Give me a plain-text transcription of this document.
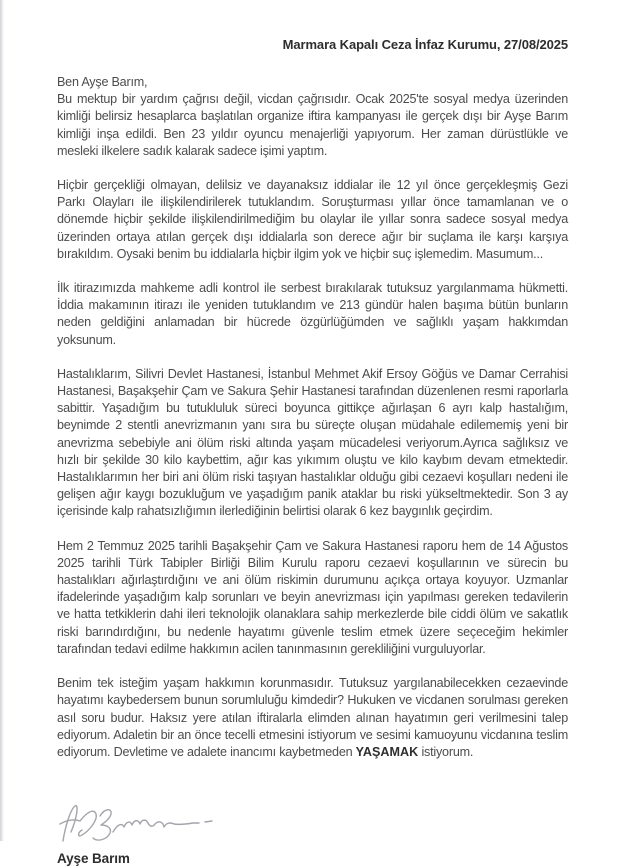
Marmara Kapalı Ceza İnfaz Kurumu, 27/08/2025

Ben Ayşe Barım,
Bu mektup bir yardım çağrısı değil, vicdan çağrısıdır. Ocak 2025'te sosyal medya üzerinden kimliği belirsiz hesaplarca başlatılan organize iftira kampanyası ile gerçek dışı bir Ayşe Barım kimliği inşa edildi. Ben 23 yıldır oyuncu menajerliği yapıyorum. Her zaman dürüstlükle ve mesleki ilkelere sadık kalarak sadece işimi yaptım.

Hiçbir gerçekliği olmayan, delilsiz ve dayanaksız iddialar ile 12 yıl önce gerçekleşmiş Gezi Parkı Olayları ile ilişkilendirilerek tutuklandım. Soruşturması yıllar önce tamamlanan ve o dönemde hiçbir şekilde ilişkilendirilmediğim bu olaylar ile yıllar sonra sadece sosyal medya üzerinden ortaya atılan gerçek dışı iddialarla son derece ağır bir suçlama ile karşı karşıya bırakıldım. Oysaki benim bu iddialarla hiçbir ilgim yok ve hiçbir suç işlemedim. Masumum...

İlk itirazımızda mahkeme adli kontrol ile serbest bırakılarak tutuksuz yargılanmama hükmetti. İddia makamının itirazı ile yeniden tutuklandım ve 213 gündür halen başıma bütün bunların neden geldiğini anlamadan bir hücrede özgürlüğümden ve sağlıklı yaşam hakkımdan yoksunum.

Hastalıklarım, Silivri Devlet Hastanesi, İstanbul Mehmet Akif Ersoy Göğüs ve Damar Cerrahisi Hastanesi, Başakşehir Çam ve Sakura Şehir Hastanesi tarafından düzenlenen resmi raporlarla sabittir. Yaşadığım bu tutukluluk süreci boyunca gittikçe ağırlaşan 6 ayrı kalp hastalığım, beynimde 2 stentli anevrizmanın yanı sıra bu süreçte oluşan müdahale edilememiş yeni bir anevrizma sebebiyle ani ölüm riski altında yaşam mücadelesi veriyorum.Ayrıca sağlıksız ve hızlı bir şekilde 30 kilo kaybettim, ağır kas yıkımım oluştu ve kilo kaybım devam etmektedir. Hastalıklarımın her biri ani ölüm riski taşıyan hastalıklar olduğu gibi cezaevi koşulları nedeni ile gelişen ağır kaygı bozukluğum ve yaşadığım panik ataklar bu riski yükseltmektedir. Son 3 ay içerisinde kalp rahatsızlığımın ilerlediğinin belirtisi olarak 6 kez baygınlık geçirdim.

Hem 2 Temmuz 2025 tarihli Başakşehir Çam ve Sakura Hastanesi raporu hem de 14 Ağustos 2025 tarihli Türk Tabipler Birliği Bilim Kurulu raporu cezaevi koşullarının ve sürecin bu hastalıkları ağırlaştırdığını ve ani ölüm riskimin durumunu açıkça ortaya koyuyor. Uzmanlar ifadelerinde yaşadığım kalp sorunları ve beyin anevrizması için yapılması gereken tedavilerin ve hatta tetkiklerin dahi ileri teknolojik olanaklara sahip merkezlerde bile ciddi ölüm ve sakatlık riski barındırdığını, bu nedenle hayatımı güvenle teslim etmek üzere seçeceğim hekimler tarafından tedavi edilme hakkımın acilen tanınmasının gerekliliğini vurguluyorlar.

Benim tek isteğim yaşam hakkımın korunmasıdır. Tutuksuz yargılanabilecekken cezaevinde hayatımı kaybedersem bunun sorumluluğu kimdedir? Hukuken ve vicdanen sorulması gereken asıl soru budur. Haksız yere atılan iftiralarla elimden alınan hayatımın geri verilmesini talep ediyorum. Adaletin bir an önce tecelli etmesini istiyorum ve sesimi kamuoyunu vicdanına teslim ediyorum. Devletime ve adalete inancımı kaybetmeden YAŞAMAK istiyorum.

Ayşe Barım
